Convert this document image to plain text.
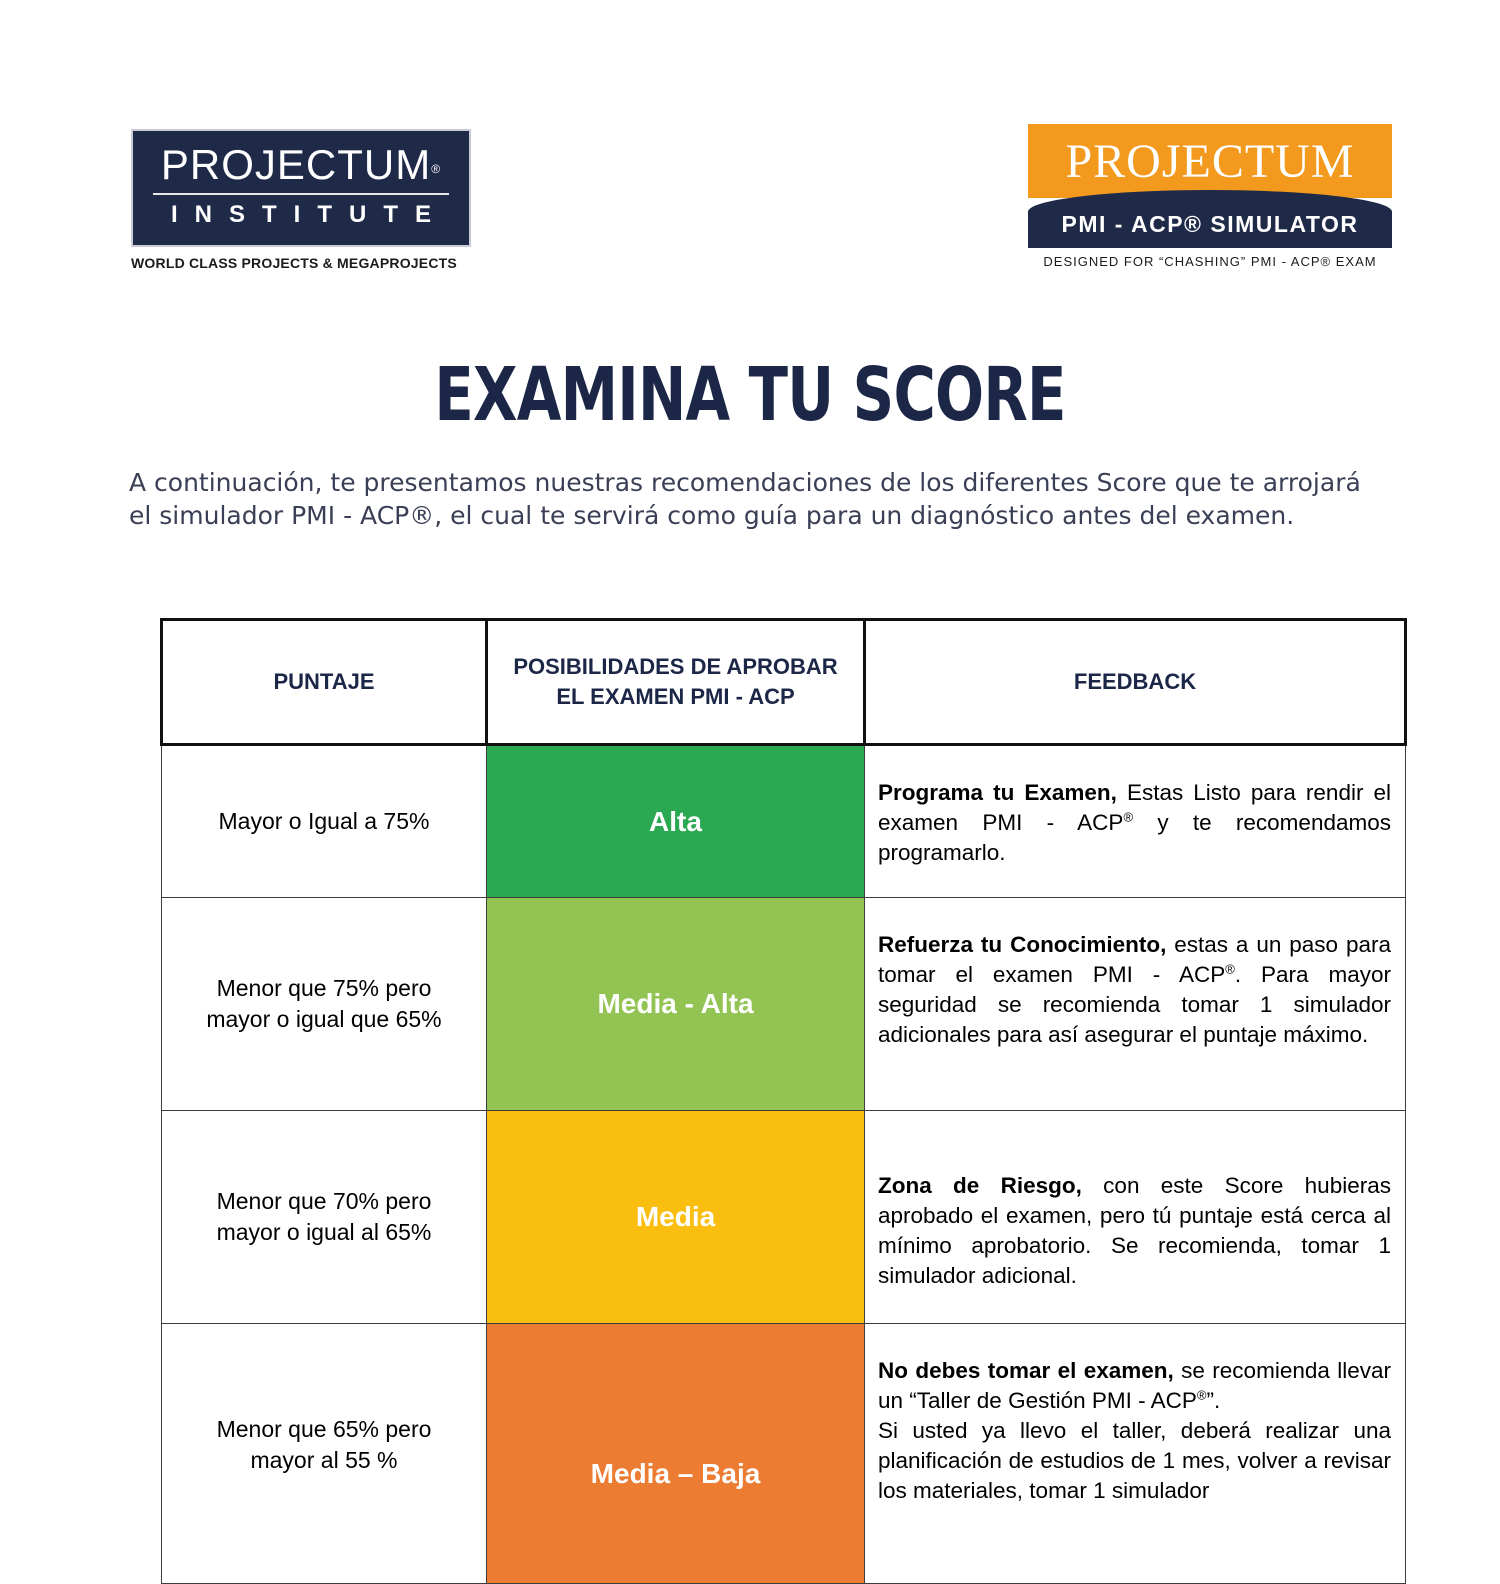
PROJECTUM®
INSTITUTE
WORLD CLASS PROJECTS & MEGAPROJECTS
PROJECTUM
PMI - ACP® SIMULATOR
DESIGNED FOR “CHASHING” PMI - ACP® EXAM
EXAMINA TU SCORE
A continuación, te presentamos nuestras recomendaciones de los diferentes Score que te arrojará el simulador PMI - ACP®, el cual te servirá como guía para un diagnóstico antes del examen.
PUNTAJE	POSIBILIDADES DE APROBAR EL EXAMEN PMI - ACP	FEEDBACK

Mayor o Igual a 75%	Alta	Programa tu Examen, Estas Listo para rendir el examen PMI - ACP® y te recomendamos programarlo.

Menor que 75% pero mayor o igual que 65%	Media - Alta	Refuerza tu Conocimiento, estas a un paso para tomar el examen PMI - ACP®. Para mayor seguridad se recomienda tomar 1 simulador adicionales para así asegurar el puntaje máximo.

Menor que 70% pero mayor o igual al 65%	Media	Zona de Riesgo, con este Score hubieras aprobado el examen, pero tú puntaje está cerca al mínimo aprobatorio. Se recomienda, tomar 1 simulador adicional.

Menor que 65% pero mayor al 55 %	Media – Baja	No debes tomar el examen, se recomienda llevar un “Taller de Gestión PMI - ACP®”.
Si usted ya llevo el taller, deberá realizar una planificación de estudios de 1 mes, volver a revisar los materiales, tomar 1 simulador
